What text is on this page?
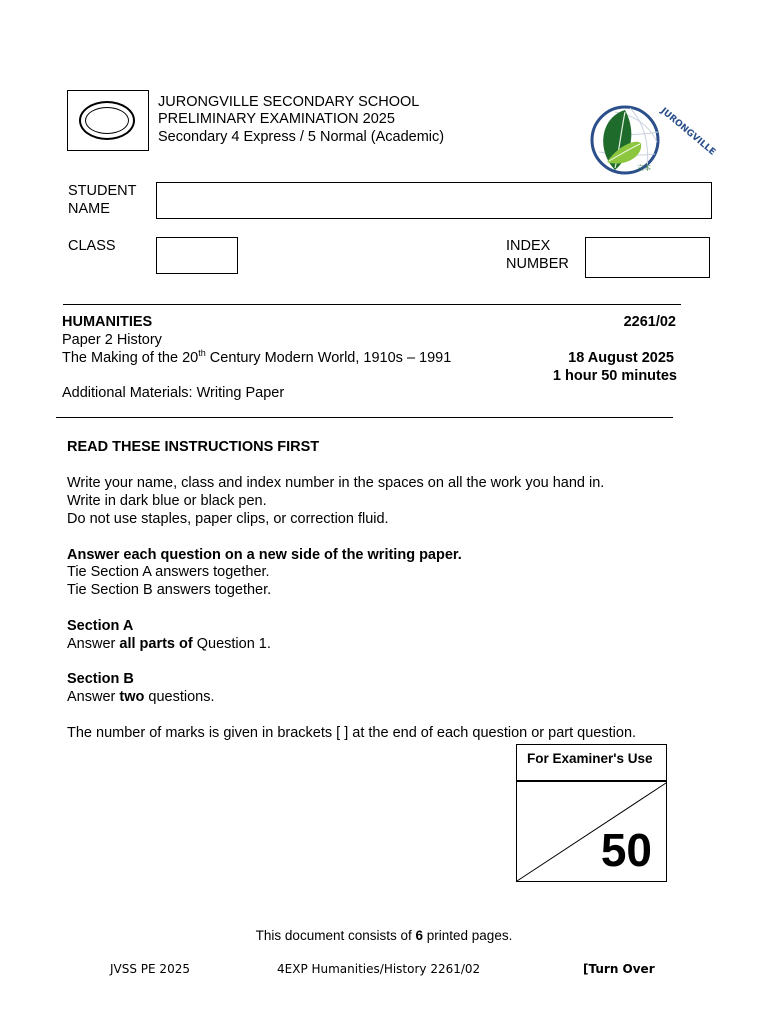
JURONGVILLE SECONDARY SCHOOL
PRELIMINARY EXAMINATION 2025
Secondary 4 Express / 5 Normal (Academic)	JURONGVILLE
立本
STUDENT
NAME
CLASS	INDEX
NUMBER
HUMANITIES	2261/02
Paper 2 History
The Making of the 20th Century Modern World, 1910s – 1991	18 August 2025
1 hour 50 minutes
Additional Materials: Writing Paper
READ THESE INSTRUCTIONS FIRST
Write your name, class and index number in the spaces on all the work you hand in.
Write in dark blue or black pen.
Do not use staples, paper clips, or correction fluid.
Answer each question on a new side of the writing paper.
Tie Section A answers together.
Tie Section B answers together.
Section A
Answer all parts of Question 1.
Section B
Answer two questions.
The number of marks is given in brackets [ ] at the end of each question or part question.
For Examiner's Use
50
This document consists of 6 printed pages.
JVSS PE 2025	4EXP Humanities/History 2261/02	[Turn Over
